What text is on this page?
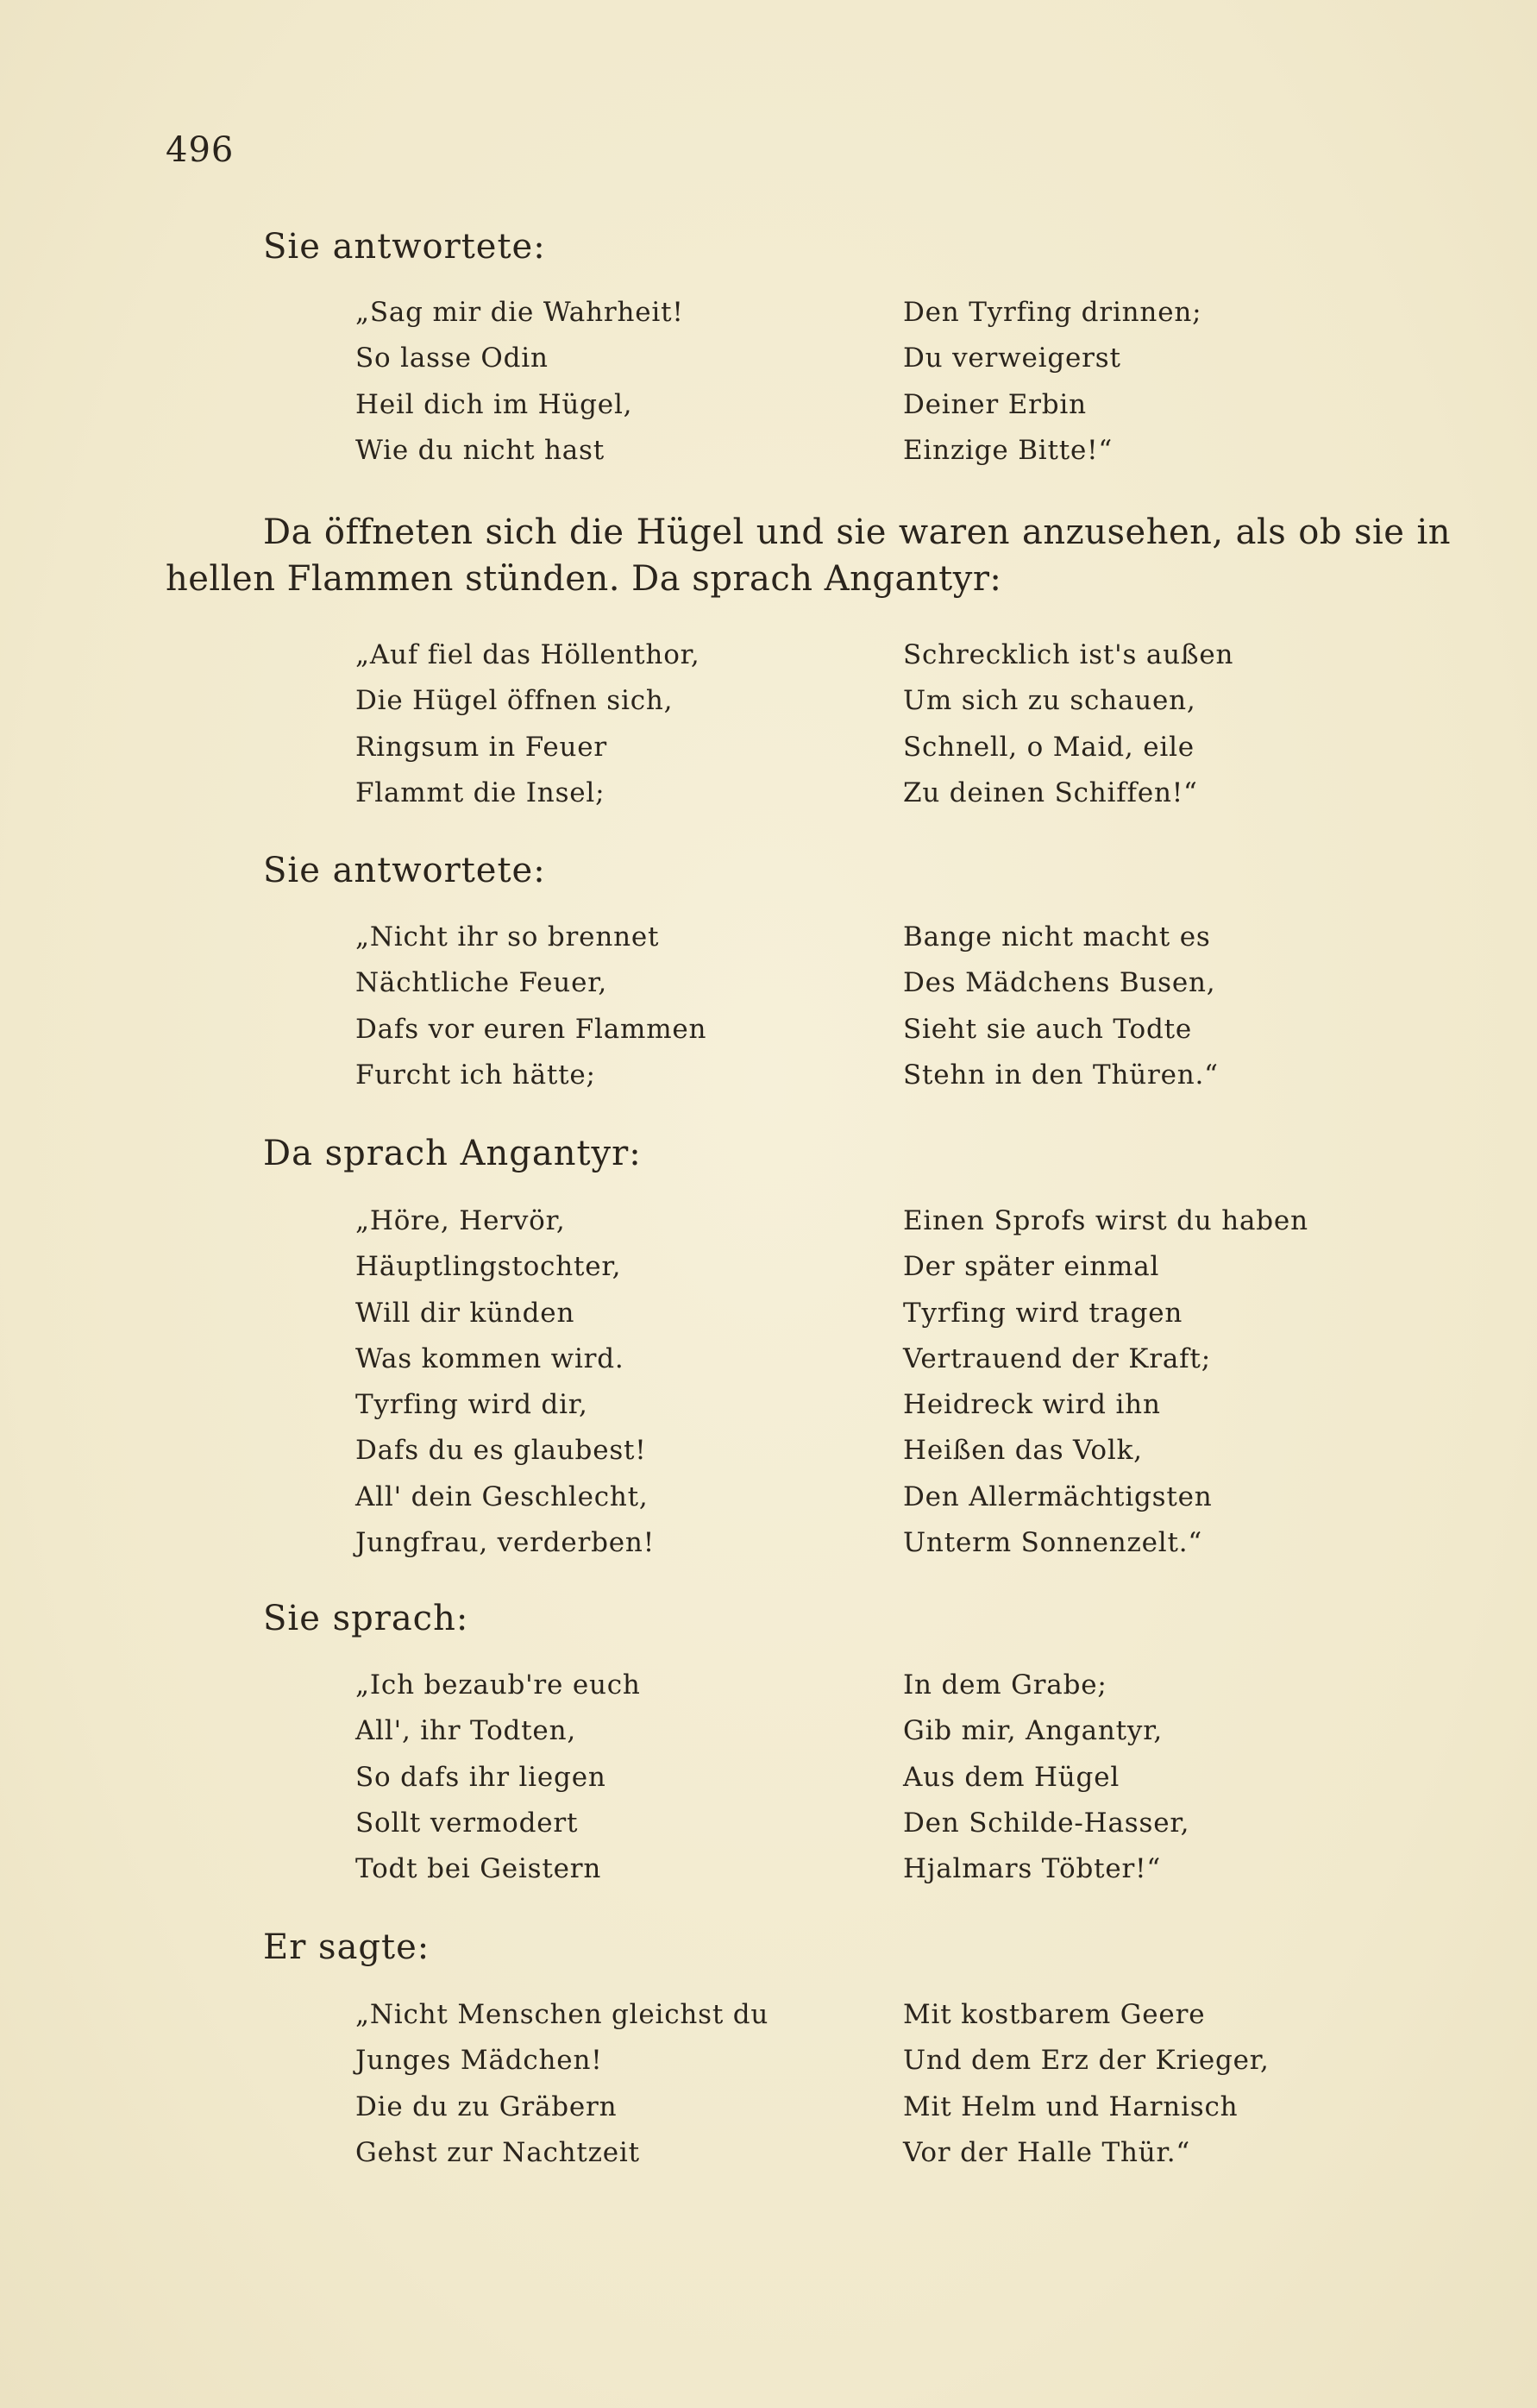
496
Sie antwortete:
„Sag mir die Wahrheit!
So lasse Odin
Heil dich im Hügel,
Wie du nicht hast
Den Tyrfing drinnen;
Du verweigerst
Deiner Erbin
Einzige Bitte!“
Da öffneten sich die Hügel und sie waren anzusehen, als ob sie in hellen Flammen stünden. Da sprach Angantyr:
„Auf fiel das Höllenthor,
Die Hügel öffnen sich,
Ringsum in Feuer
Flammt die Insel;
Schrecklich ist's außen
Um sich zu schauen,
Schnell, o Maid, eile
Zu deinen Schiffen!“
Sie antwortete:
„Nicht ihr so brennet
Nächtliche Feuer,
Dafs vor euren Flammen
Furcht ich hätte;
Bange nicht macht es
Des Mädchens Busen,
Sieht sie auch Todte
Stehn in den Thüren.“
Da sprach Angantyr:
„Höre, Hervör,
Häuptlingstochter,
Will dir künden
Was kommen wird.
Tyrfing wird dir,
Dafs du es glaubest!
All' dein Geschlecht,
Jungfrau, verderben!
Einen Sprofs wirst du haben
Der später einmal
Tyrfing wird tragen
Vertrauend der Kraft;
Heidreck wird ihn
Heißen das Volk,
Den Allermächtigsten
Unterm Sonnenzelt.“
Sie sprach:
„Ich bezaub're euch
All', ihr Todten,
So dafs ihr liegen
Sollt vermodert
Todt bei Geistern
In dem Grabe;
Gib mir, Angantyr,
Aus dem Hügel
Den Schilde-Hasser,
Hjalmars Töbter!“
Er sagte:
„Nicht Menschen gleichst du
Junges Mädchen!
Die du zu Gräbern
Gehst zur Nachtzeit
Mit kostbarem Geere
Und dem Erz der Krieger,
Mit Helm und Harnisch
Vor der Halle Thür.“
